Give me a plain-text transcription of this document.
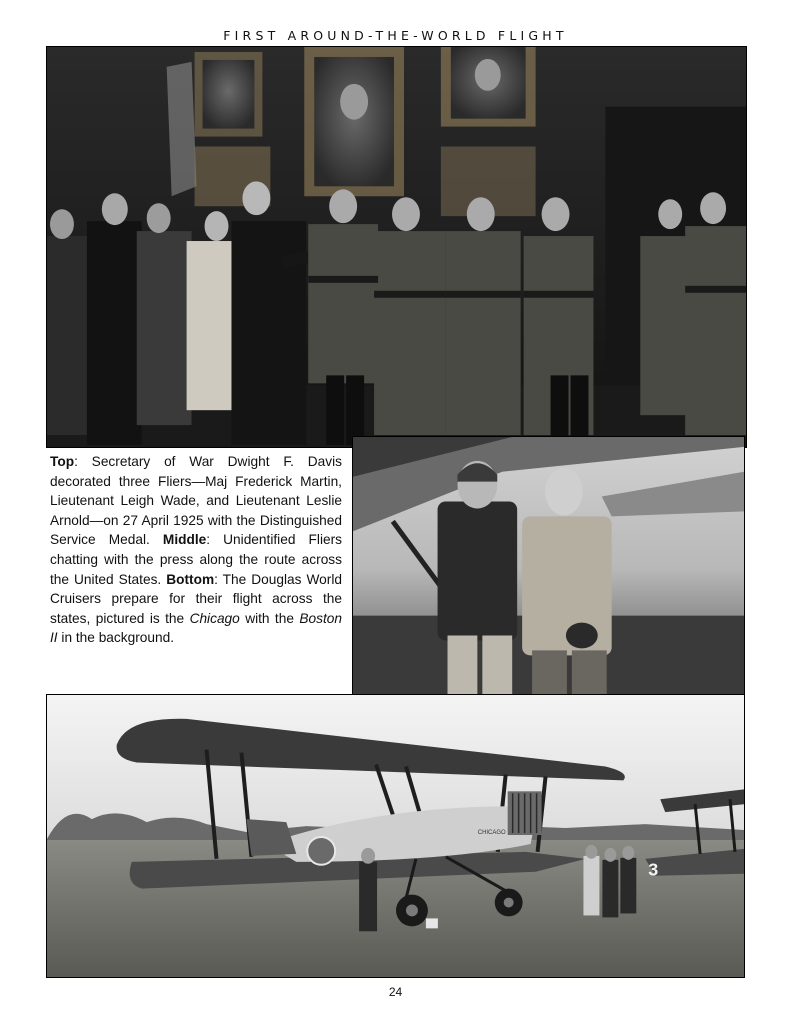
FIRST AROUND-THE-WORLD FLIGHT
Top: Secretary of War Dwight F. Davis decorated three Fliers—Maj Frederick Martin, Lieutenant Leigh Wade, and Lieutenant Leslie Arnold—on 27 April 1925 with the Distinguished Service Medal. Middle: Unidentified Fliers chatting with the press along the route across the United States. Bottom: The Douglas World Cruisers prepare for their flight across the states, pictured is the Chicago with the Boston II in the background.
CHICAGO
3
24
